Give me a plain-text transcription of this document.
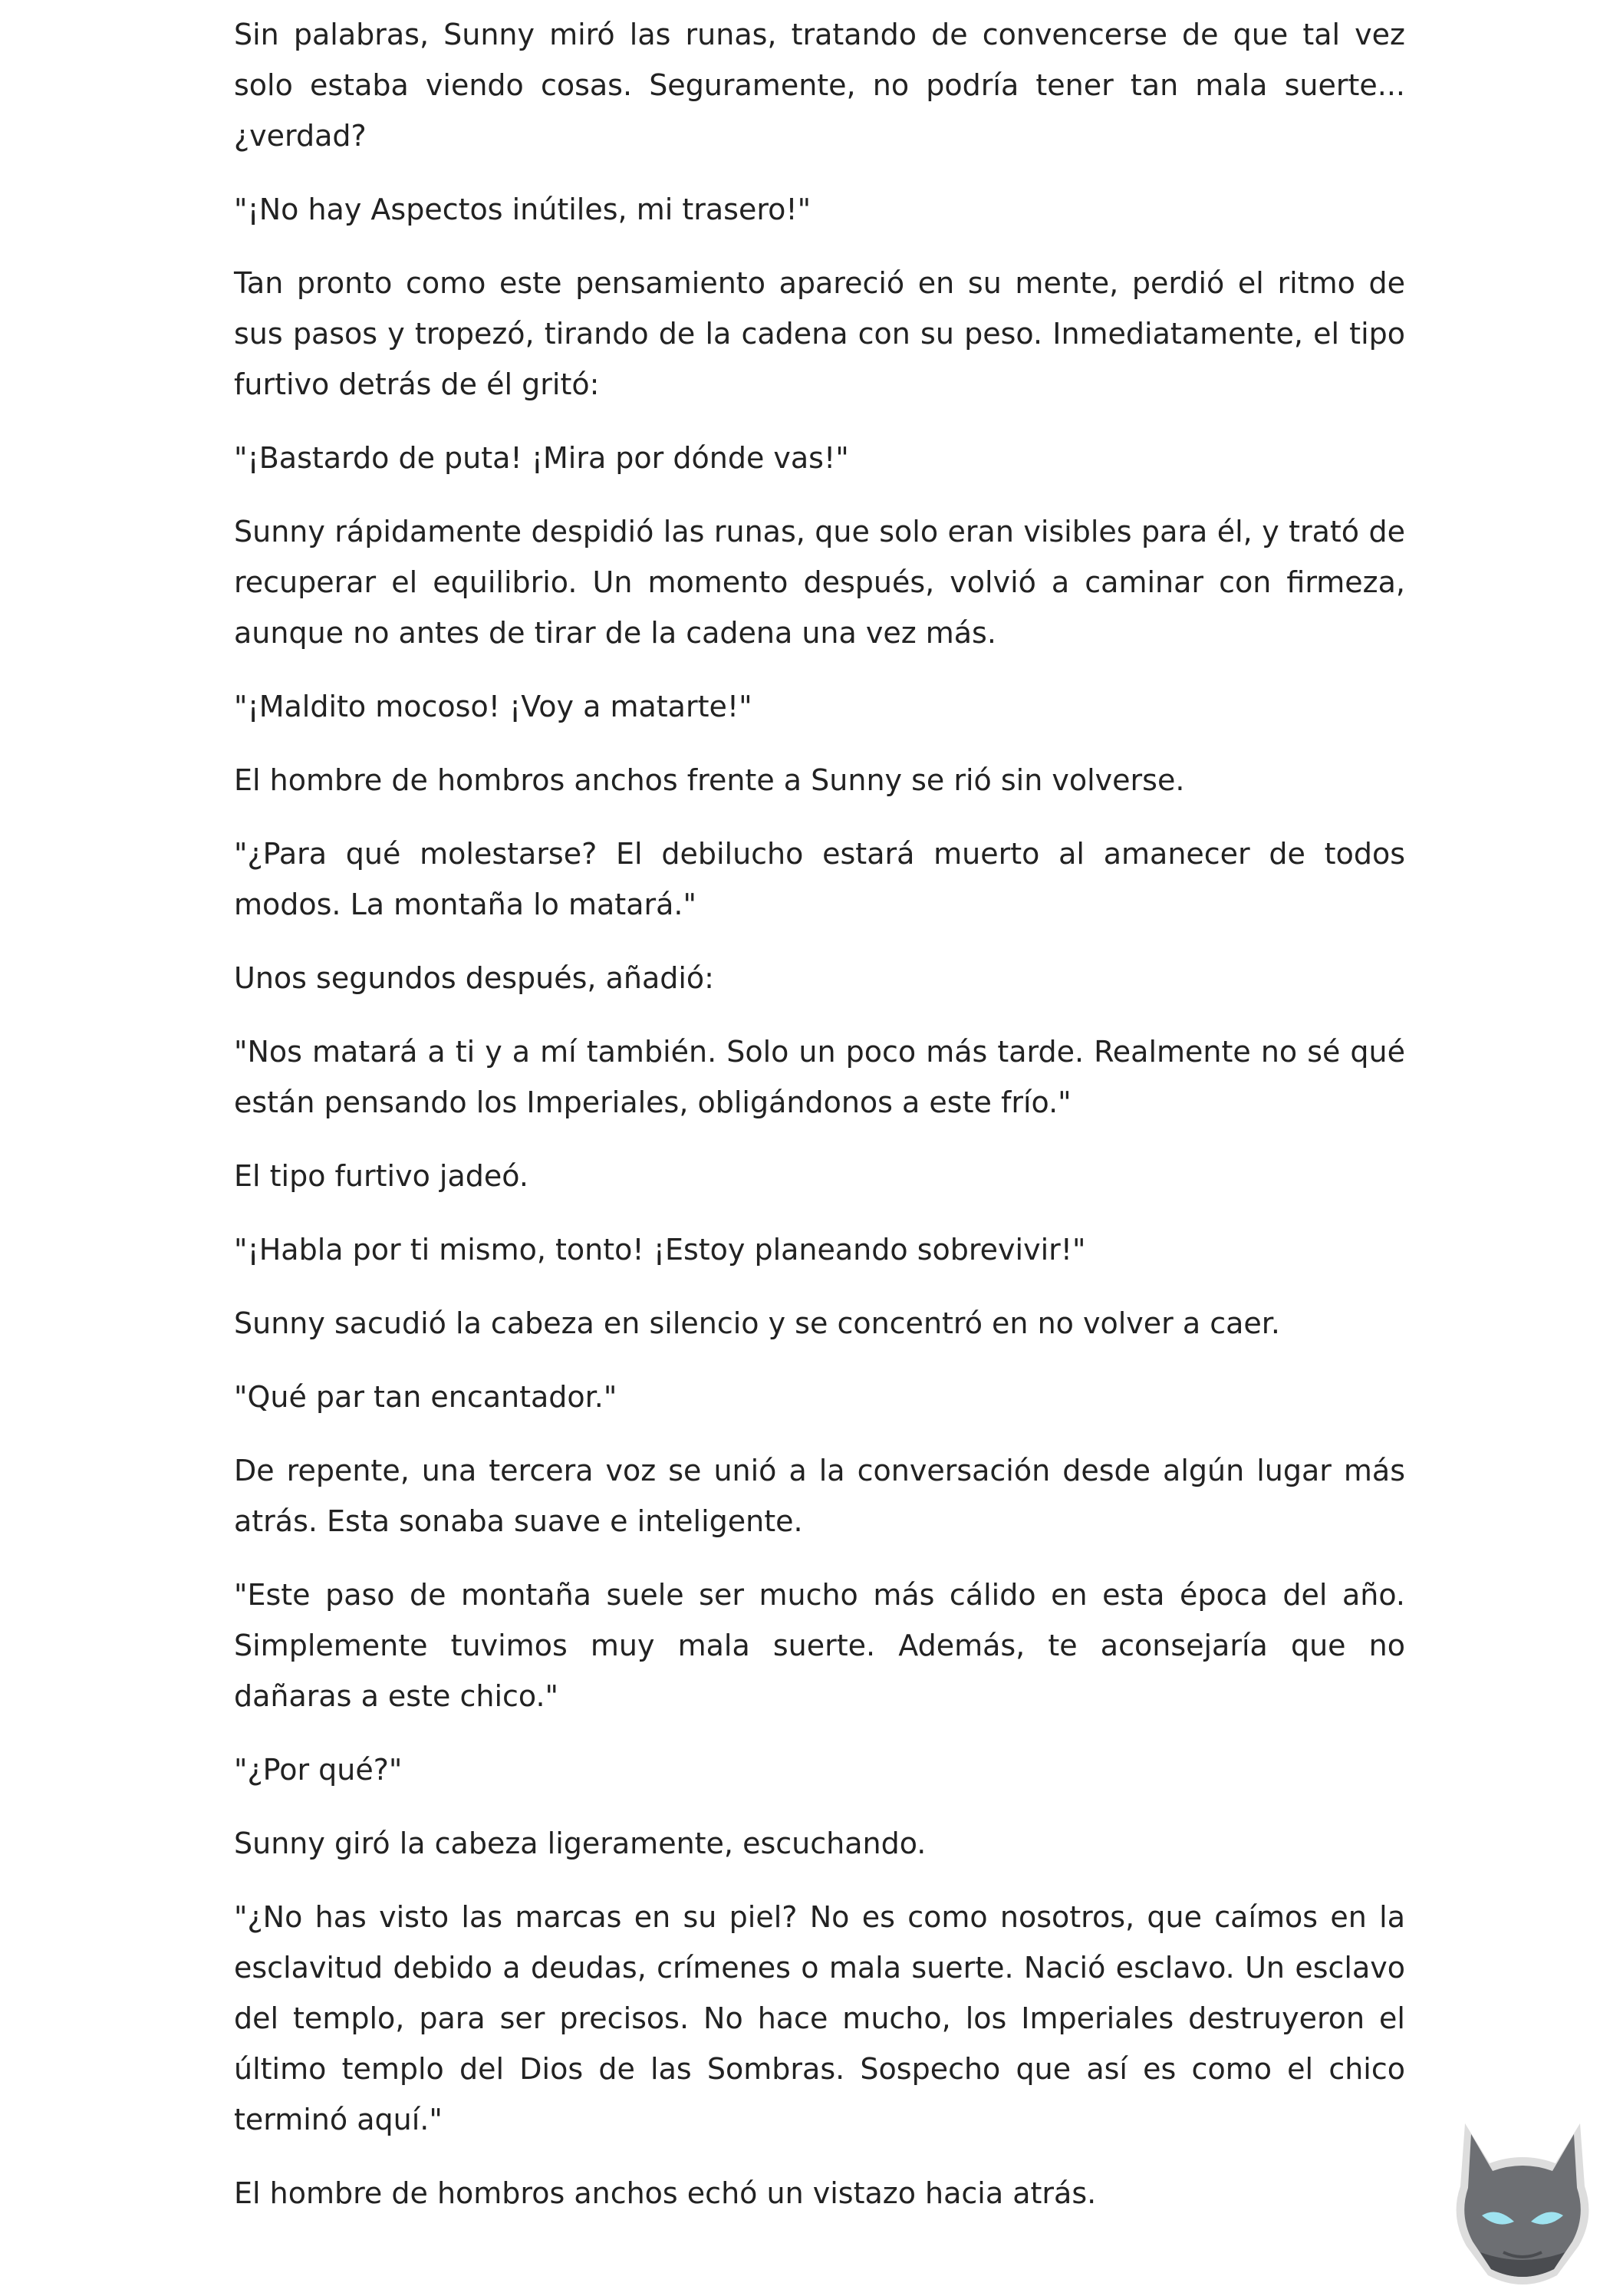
Sin palabras, Sunny miró las runas, tratando de convencerse de que tal vez solo estaba viendo cosas. Seguramente, no podría tener tan mala suerte... ¿verdad?

"¡No hay Aspectos inútiles, mi trasero!"

Tan pronto como este pensamiento apareció en su mente, perdió el ritmo de sus pasos y tropezó, tirando de la cadena con su peso. Inmediatamente, el tipo furtivo detrás de él gritó:

"¡Bastardo de puta! ¡Mira por dónde vas!"

Sunny rápidamente despidió las runas, que solo eran visibles para él, y trató de recuperar el equilibrio. Un momento después, volvió a caminar con firmeza, aunque no antes de tirar de la cadena una vez más.

"¡Maldito mocoso! ¡Voy a matarte!"

El hombre de hombros anchos frente a Sunny se rió sin volverse.

"¿Para qué molestarse? El debilucho estará muerto al amanecer de todos modos. La montaña lo matará."

Unos segundos después, añadió:

"Nos matará a ti y a mí también. Solo un poco más tarde. Realmente no sé qué están pensando los Imperiales, obligándonos a este frío."

El tipo furtivo jadeó.

"¡Habla por ti mismo, tonto! ¡Estoy planeando sobrevivir!"

Sunny sacudió la cabeza en silencio y se concentró en no volver a caer.

"Qué par tan encantador."

De repente, una tercera voz se unió a la conversación desde algún lugar más atrás. Esta sonaba suave e inteligente.

"Este paso de montaña suele ser mucho más cálido en esta época del año. Simplemente tuvimos muy mala suerte. Además, te aconsejaría que no dañaras a este chico."

"¿Por qué?"

Sunny giró la cabeza ligeramente, escuchando.

"¿No has visto las marcas en su piel? No es como nosotros, que caímos en la esclavitud debido a deudas, crímenes o mala suerte. Nació esclavo. Un esclavo del templo, para ser precisos. No hace mucho, los Imperiales destruyeron el último templo del Dios de las Sombras. Sospecho que así es como el chico terminó aquí."

El hombre de hombros anchos echó un vistazo hacia atrás.
